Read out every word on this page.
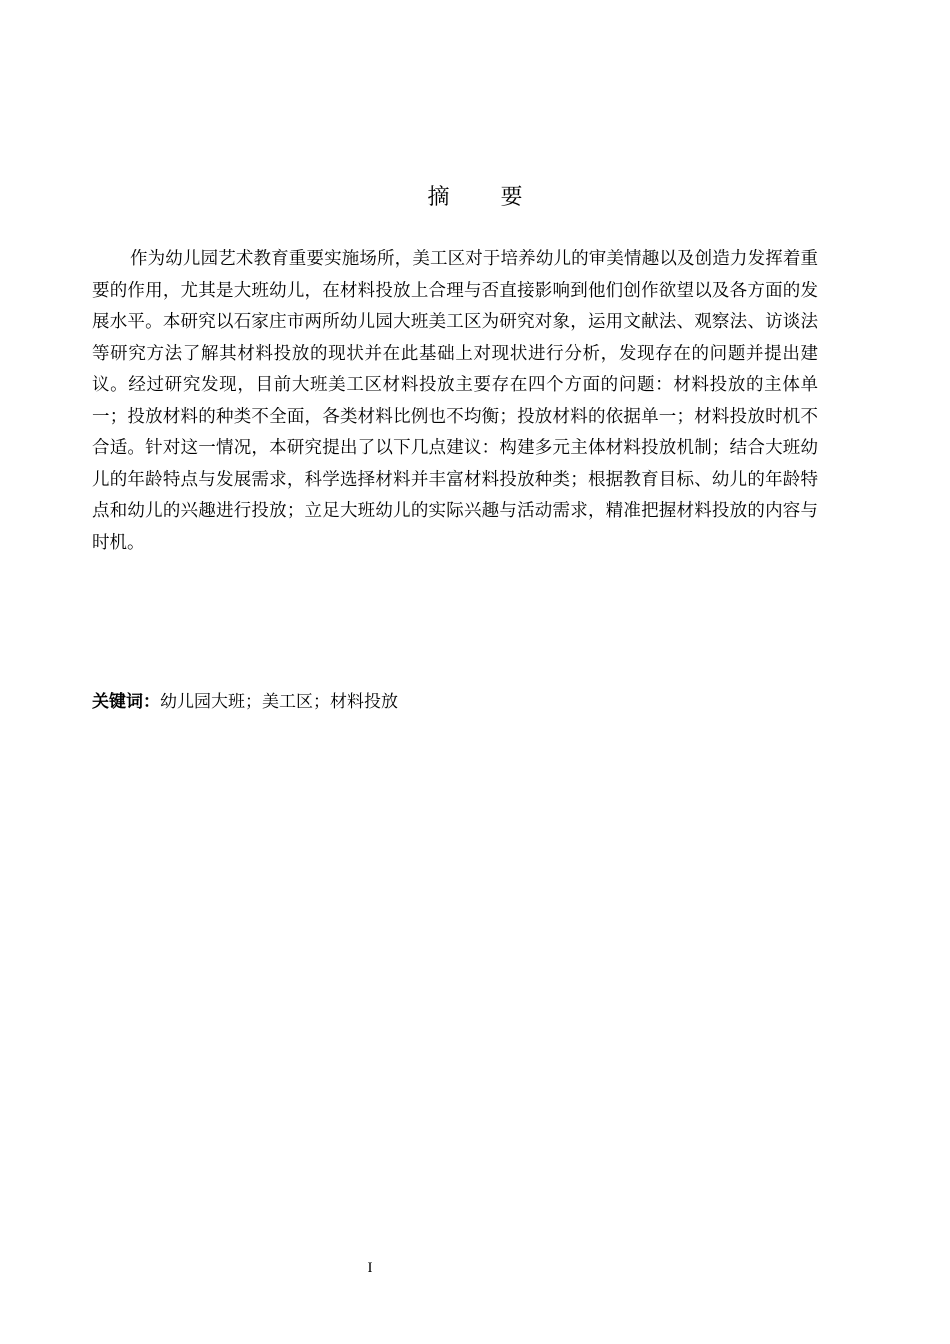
摘 要

作为幼儿园艺术教育重要实施场所，美工区对于培养幼儿的审美情趣以及创造力发挥着重要的作用，尤其是大班幼儿，在材料投放上合理与否直接影响到他们创作欲望以及各方面的发展水平。本研究以石家庄市两所幼儿园大班美工区为研究对象，运用文献法、观察法、访谈法等研究方法了解其材料投放的现状并在此基础上对现状进行分析，发现存在的问题并提出建议。经过研究发现，目前大班美工区材料投放主要存在四个方面的问题：材料投放的主体单一；投放材料的种类不全面，各类材料比例也不均衡；投放材料的依据单一；材料投放时机不合适。针对这一情况，本研究提出了以下几点建议：构建多元主体材料投放机制；结合大班幼儿的年龄特点与发展需求，科学选择材料并丰富材料投放种类；根据教育目标、幼儿的年龄特点和幼儿的兴趣进行投放；立足大班幼儿的实际兴趣与活动需求，精准把握材料投放的内容与时机。

关键词：幼儿园大班；美工区；材料投放

I
